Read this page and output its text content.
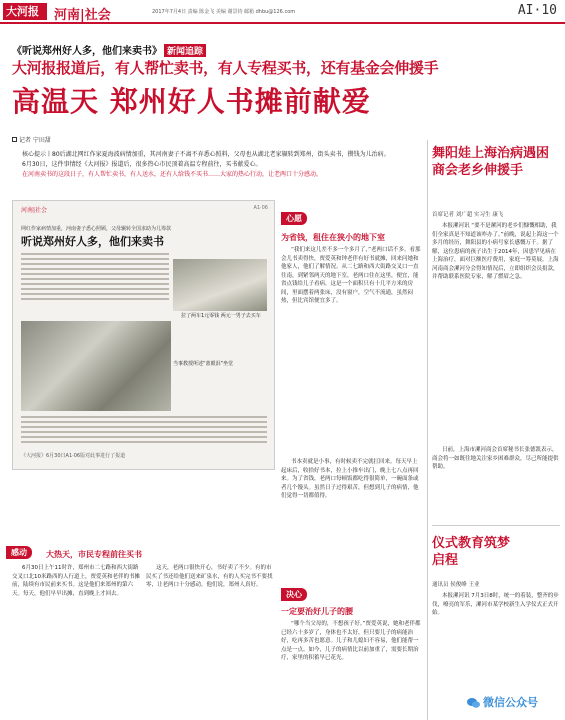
大河报	河南|社会	2017年7月4日 责编 陈金飞 美编 谢景钧 邮箱 dhbu@126.com	AI·10
《听说郑州好人多，他们来卖书》 新闻追踪
大河报报道后，有人帮忙卖书，有人专程买书，还有基金会伸援手
高温天 郑州好人书摊前献爱
记者 宁田甜

核心提示丨80后湖北网红作家夏海波病情加重，其河南妻子不离不弃悉心照料，父母也从湖北老家辗转到郑州，街头卖书，攒钱为儿治病。

6月30日，这件事情经《大河报》报道后，很多热心市民顶着高温专程前往，买书献爱心。

在河南卖书的这段日子，有人帮忙卖书，有人送水，还有人给钱不买书……大家的热心行动，让老两口十分感动。

河南|社会	A1·06
网红作家病情加重，河南妻子悉心照顾，父母辗转全国求助为儿筹款
听说郑州好人多，他们来卖书
拉了两车1元零钱 两元一男子去买车
当事教授所述“蓝眼泪”坐堂
《大河报》6月30日A1·06版对此事进行了报道
心愿
为省钱，租住在狭小的地下室
“我们来这儿差不多一个多月了，”老两口话不多。看那会儿书卖得快，贾爱英和钟老伴有好书就摊，回来问她和他家人，他们了解情况。从二七路和西大街路交叉口一直往南，到紧邻两天的地下室，老两口住在这里，便宜，能省点钱给儿子看病。这是一个面积只有十几平方米的房间，里面摆着两张床，没有窗户，空气不流通，虽然闷热，但比宾馆便宜多了。
书本卖就是小事，有时候卖不完就扛回来。每天早上起床后，收拾好书本，拉上小推车出门，晚上七八点再回来。为了省钱，老两口每顿饭都吃得很简单，一碗面条或者几个馒头。虽然日子过得艰苦，但想到儿子的病情，他们觉得一切都值得。
决心
一定要治好儿子的腰
“哪个当父母的，不想孩子好。”贾爱英说，她和老伴都已经六十多岁了，身体也不太好，但只要儿子的病能治好，吃再多苦也愿意。儿子和儿媳妇不容易，他们能帮一点是一点。如今，儿子的病情比以前加重了，需要长期治疗，家里的积蓄早已花光。
舞阳娃上海治病遇困商会老乡伸援手
首席记者 刘广超 实习生 康飞
本报漯河讯 “要不是漯河的老乡们慷慨相助，我们全家真是不知道该咋办了。”前晚，说起上海这一个多月的经历，舞阳县的小病号家长感慨万千。据了解，这位患病的孩子出生于2014年，因患罕见病在上海治疗，面对巨额医疗费用，家庭一筹莫展。上海河南商会漯河分会得知情况后，立即组织会员捐款，并帮助联系医院专家，解了燃眉之急。
日前，上海市漯河商会首席秘书长张德凯表示，商会将一如既往地关注家乡困难群众，尽己所能提供帮助。
仪式教育筑梦启程
通讯员 侯俊峰 王业
本报漯河讯 7月3日8时，统一的着装，整齐的步伐，嘹亮的军乐，漯河市某学校新生入学仪式正式开始。
感动	大热天，市民专程前往买书
6月30日上午11时许，郑州市二七路和西大街路交叉口北10米路西的人行道上，贾爱英和老伴的书摊前，陆续有市民前来买书。这是他们来郑州的第六天。每天，他们早早出摊，直到晚上才回去。
这天，老两口很快开心，书好卖了不少。有的市民买了书还给他们送来矿泉水，有的人买完书不要找零，让老两口十分感动。他们说，郑州人真好。
微信公众号
